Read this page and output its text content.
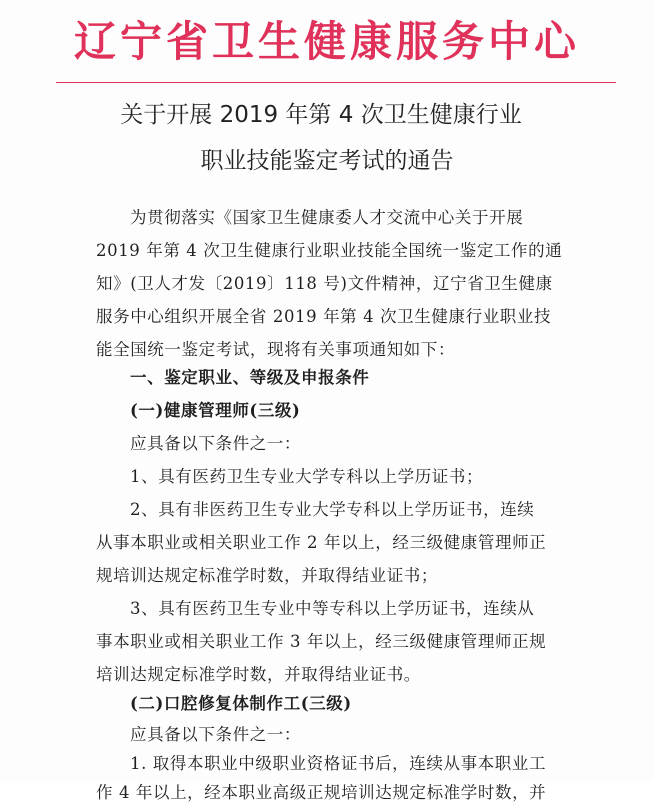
辽宁省卫生健康服务中心
关于开展 2019 年第 4 次卫生健康行业
职业技能鉴定考试的通告
为贯彻落实《国家卫生健康委人才交流中心关于开展
2019 年第 4 次卫生健康行业职业技能全国统一鉴定工作的通
知》(卫人才发〔2019〕118 号)文件精神，辽宁省卫生健康
服务中心组织开展全省 2019 年第 4 次卫生健康行业职业技
能全国统一鉴定考试，现将有关事项通知如下：
一、鉴定职业、等级及申报条件
(一)健康管理师(三级)
应具备以下条件之一：
1、具有医药卫生专业大学专科以上学历证书；
2、具有非医药卫生专业大学专科以上学历证书，连续
从事本职业或相关职业工作 2 年以上，经三级健康管理师正
规培训达规定标准学时数，并取得结业证书；
3、具有医药卫生专业中等专科以上学历证书，连续从
事本职业或相关职业工作 3 年以上，经三级健康管理师正规
培训达规定标准学时数，并取得结业证书。
(二)口腔修复体制作工(三级)
应具备以下条件之一：
1. 取得本职业中级职业资格证书后，连续从事本职业工
作 4 年以上，经本职业高级正规培训达规定标准学时数，并
